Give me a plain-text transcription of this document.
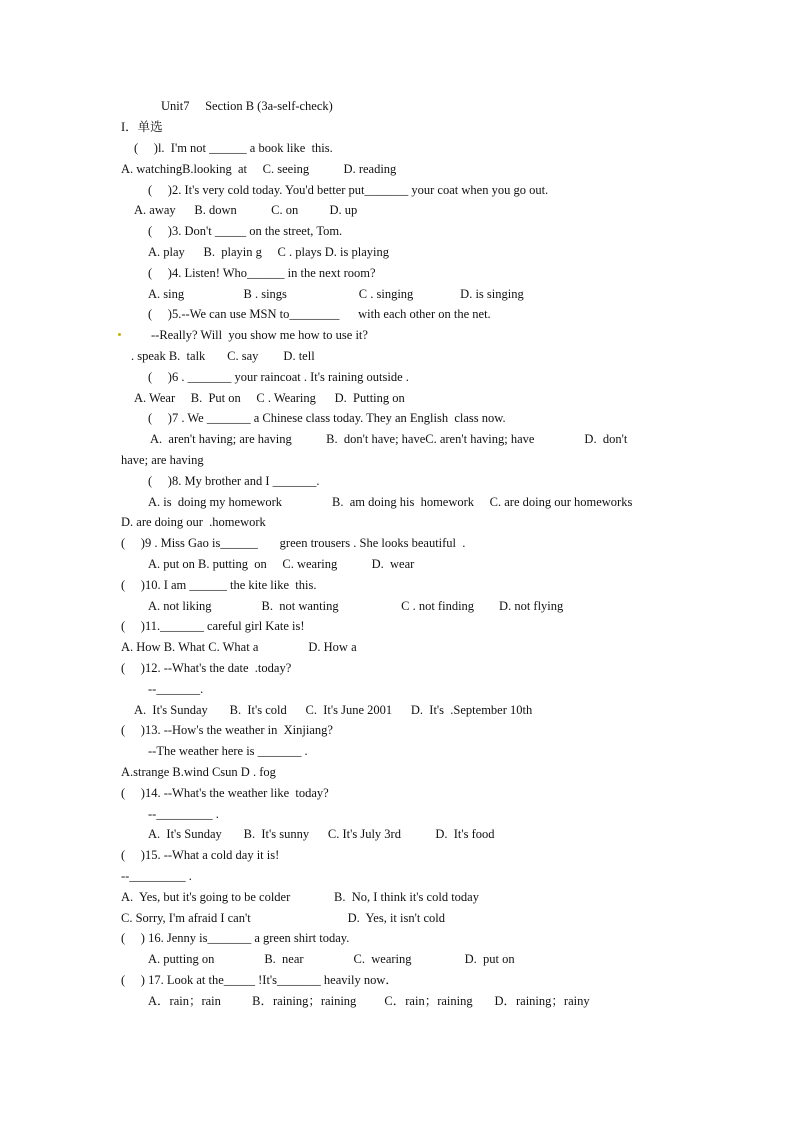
Unit7     Section B (3a-self-check)
I．单选
(     )l.  I'm not ______ a book like  this.
A. watchingB.looking  at     C. seeing           D. reading
(     )2. It's very cold today. You'd better put_______ your coat when you go out.
A. away      B. down           C. on          D. up
(     )3. Don't _____ on the street, Tom.
A. play      B.  playin g     C . plays D. is playing
(     )4. Listen! Who______ in the next room?
A. sing                   B . sings                       C . singing               D. is singing
(     )5.--We can use MSN to________      with each other on the net.
--Really? Will  you show me how to use it?
. speak B.  talk       C. say        D. tell
(     )6 . _______ your raincoat . It's raining outside .
A. Wear     B.  Put on     C . Wearing      D.  Putting on
(     )7 . We _______ a Chinese class today. They an English  class now.
A.  aren't having; are having           B.  don't have; haveC. aren't having; have                D.  don't
have; are having
(     )8. My brother and I _______.
A. is  doing my homework                B.  am doing his  homework     C. are doing our homeworks
D. are doing our  .homework
(     )9 . Miss Gao is______       green trousers . She looks beautiful  .
A. put on B. putting  on     C. wearing           D.  wear
(     )10. I am ______ the kite like  this.
A. not liking                B.  not wanting                    C . not finding        D. not flying
(     )11._______ careful girl Kate is!
A. How B. What C. What a                D. How a
(     )12. --What's the date  .today?
--_______.
A.  It's Sunday       B.  It's cold      C.  It's June 2001      D.  It's  .September 10th
(     )13. --How's the weather in  Xinjiang?
--The weather here is _______ .
A.strange B.wind Csun D . fog
(     )14. --What's the weather like  today?
--_________ .
A.  It's Sunday       B.  It's sunny      C. It's July 3rd           D.  It's food
(     )15. --What a cold day it is!
--_________ .
A.  Yes, but it's going to be colder              B.  No, I think it's cold today
C. Sorry, I'm afraid I can't                               D.  Yes, it isn't cold
(     ) 16. Jenny is_______ a green shirt today.
A. putting on                B.  near                C.  wearing                 D.  put on
(     ) 17. Look at the_____ !It's_______ heavily now．
A．rain；rain          B．raining；raining         C．rain；raining       D．raining；rainy
